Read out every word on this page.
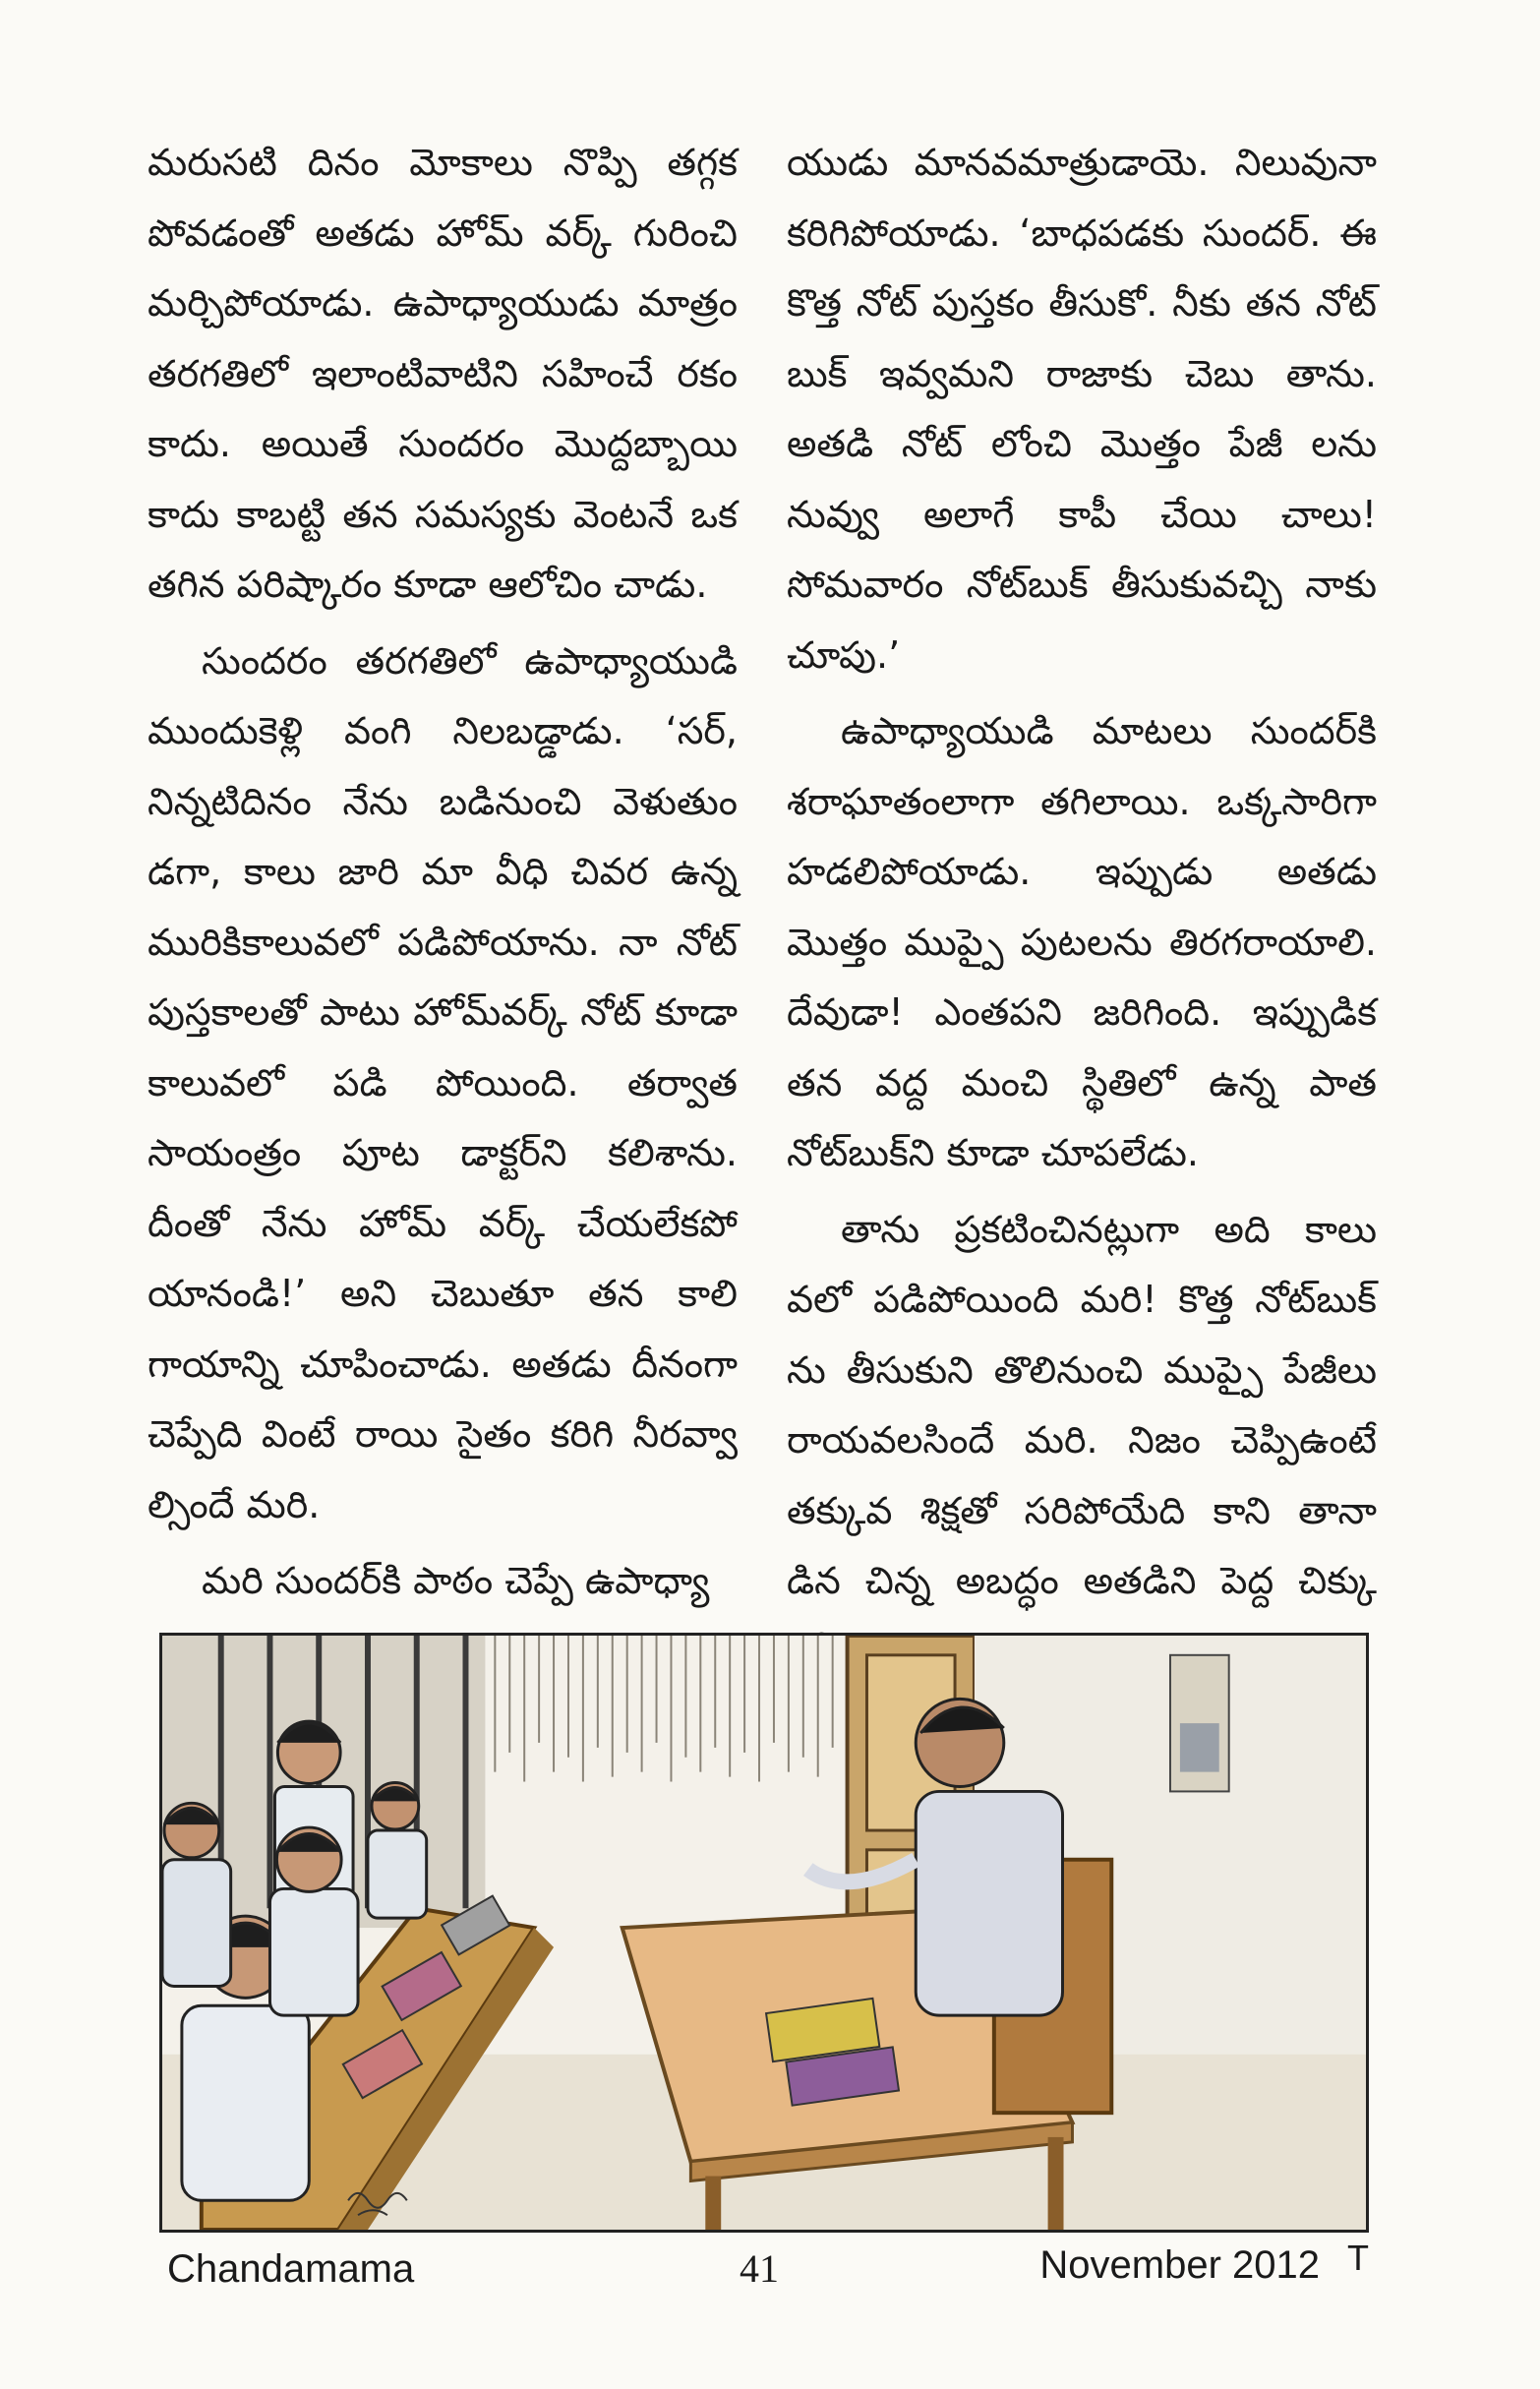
మరుసటి దినం మోకాలు నొప్పి తగ్గక పోవడంతో అతడు హోమ్ వర్క్ గురించి మర్చిపోయాడు. ఉపాధ్యాయుడు మాత్రం తరగతిలో ఇలాంటివాటిని సహించే రకం కాదు. అయితే సుందరం మొద్దబ్బాయి కాదు కాబట్టి తన సమస్యకు వెంటనే ఒక తగిన పరిష్కారం కూడా ఆలోచిం చాడు.

సుందరం తరగతిలో ఉపాధ్యాయుడి ముందుకెళ్లి వంగి నిలబడ్డాడు. ‘సర్, నిన్నటిదినం నేను బడినుంచి వెళుతుం డగా, కాలు జారి మా వీధి చివర ఉన్న మురికికాలువలో పడిపోయాను. నా నోట్ పుస్తకాలతో పాటు హోమ్‌వర్క్ నోట్ కూడా కాలువలో పడి పోయింది. తర్వాత సాయంత్రం పూట డాక్టర్‌ని కలిశాను. దీంతో నేను హోమ్ వర్క్ చేయలేకపో యానండి!’ అని చెబుతూ తన కాలి గాయాన్ని చూపించాడు. అతడు దీనంగా చెప్పేది వింటే రాయి సైతం కరిగి నీరవ్వా ల్సిందే మరి.

మరి సుందర్‌కి పాఠం చెప్పే ఉపాధ్యా

యుడు మానవమాత్రుడాయె. నిలువునా కరిగిపోయాడు. ‘బాధపడకు సుందర్. ఈ కొత్త నోట్ పుస్తకం తీసుకో. నీకు తన నోట్ బుక్ ఇవ్వమని రాజాకు చెబు తాను. అతడి నోట్ లోంచి మొత్తం పేజీ లను నువ్వు అలాగే కాపీ చేయి చాలు! సోమవారం నోట్‌బుక్ తీసుకువచ్చి నాకు చూపు.’

ఉపాధ్యాయుడి మాటలు సుందర్‌కి శరాఘాతంలాగా తగిలాయి. ఒక్కసారిగా హడలిపోయాడు. ఇప్పుడు అతడు మొత్తం ముప్పై పుటలను తిరగరాయాలి. దేవుడా! ఎంతపని జరిగింది. ఇప్పుడిక తన వద్ద మంచి స్థితిలో ఉన్న పాత నోట్‌బుక్‌ని కూడా చూపలేడు.

తాను ప్రకటించినట్లుగా అది కాలు వలో పడిపోయింది మరి! కొత్త నోట్‌బుక్ ను తీసుకుని తొలినుంచి ముప్పై పేజీలు రాయవలసిందే మరి. నిజం చెప్పిఉంటే తక్కువ శిక్షతో సరిపోయేది కాని తానా డిన చిన్న అబద్ధం అతడిని పెద్ద చిక్కు

Chandamama	41	November 2012 T
